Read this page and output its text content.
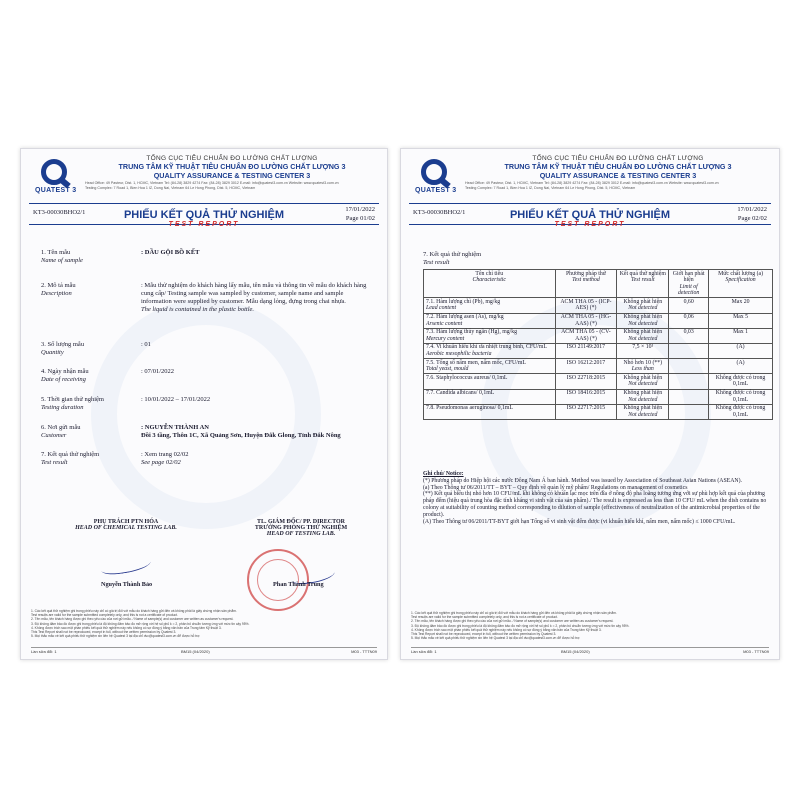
QUATEST 3
TỔNG CỤC TIÊU CHUẨN ĐO LƯỜNG CHẤT LƯỢNG
TRUNG TÂM KỸ THUẬT TIÊU CHUẨN ĐO LƯỜNG CHẤT LƯỢNG 3
QUALITY ASSURANCE & TESTING CENTER 3
Head Office: 49 Pasteur, Dist. 1, HCMC, Vietnam Tel: (84-28) 3829 4274 Fax: (84-28) 3829 3012 E-mail: info@quatest3.com.vn Website: www.quatest3.com.vn
Testing Complex: 7 Road 1, Bien Hoa 1 IZ, Dong Nai, Vietnam 64 Le Hong Phong, Dist. 5, HCMC, Vietnam
KT3-00030BHO2/1	PHIẾU KẾT QUẢ THỬ NGHIỆM
TEST REPORT
17/01/2022
Page 01/02
1. Tên mẫu
Name of sample
: DẦU GỘI BỒ KẾT
2. Mô tả mẫu
Description
: Mẫu thử nghiệm do khách hàng lấy mẫu, tên mẫu và thông tin về mẫu do khách hàng cung cấp/ Testing sample was sampled by customer, sample name and sample information were supplied by customer. Mẫu dạng lỏng, đựng trong chai nhựa.
The liquid is contained in the plastic bottle.
3. Số lượng mẫu
Quantity
: 01
4. Ngày nhận mẫu
Date of receiving
: 07/01/2022
5. Thời gian thử nghiệm
Testing duration
: 10/01/2022 – 17/01/2022
6. Nơi gửi mẫu
Customer
: NGUYỄN THÀNH AN
Đồi 3 tầng, Thôn 1C, Xã Quảng Sơn, Huyện Đắk Glong, Tỉnh Đắk Nông
7. Kết quả thử nghiệm
Test result
: Xem trang 02/02
See page 02/02
PHỤ TRÁCH PTN HÓA
HEAD OF CHEMICAL TESTING LAB.
TL. GIÁM ĐỐC/ PP. DIRECTOR
TRƯỞNG PHÒNG THỬ NGHIỆM
HEAD OF TESTING LAB.
Nguyễn Thành Bảo	Phan Thành Trung
1. Các kết quả thử nghiệm ghi trong phiếu này chỉ có giá trị đối với mẫu do khách hàng gửi đến và không phải là giấy chứng nhận sản phẩm.
Test results are valid for the sample submitted completely only, and this is not a certificate of product.
2. Tên mẫu, tên khách hàng được ghi theo yêu cầu của nơi gửi mẫu. / Name of sample(s) and customer are written as customer's request.
3. Độ không đảm bảo đo được ghi trong phiếu là độ không đảm bảo đo mở rộng với hệ số phủ k = 2, phân bố chuẩn tương ứng với mức tin cậy 95%.
4. Không được trích sao một phần phiếu kết quả thử nghiệm này nếu không có sự đồng ý bằng văn bản của Trung tâm Kỹ thuật 3.
This Test Report shall not be reproduced, except in full, without the written permission by Quatest 3.
5. Mọi thắc mắc về kết quả phiếu thử nghiệm xin liên hệ Quatest 3 tại địa chỉ dvc@quatest3.com.vn để được hỗ trợ.
Lần sửa đổi: 1	BM15 (04/2020)	M03 - TTTN09
QUATEST 3
TỔNG CỤC TIÊU CHUẨN ĐO LƯỜNG CHẤT LƯỢNG
TRUNG TÂM KỸ THUẬT TIÊU CHUẨN ĐO LƯỜNG CHẤT LƯỢNG 3
QUALITY ASSURANCE & TESTING CENTER 3
Head Office: 49 Pasteur, Dist. 1, HCMC, Vietnam Tel: (84-28) 3829 4274 Fax: (84-28) 3829 3012 E-mail: info@quatest3.com.vn Website: www.quatest3.com.vn
Testing Complex: 7 Road 1, Bien Hoa 1 IZ, Dong Nai, Vietnam 64 Le Hong Phong, Dist. 5, HCMC, Vietnam
KT3-00030BHO2/1	PHIẾU KẾT QUẢ THỬ NGHIỆM
TEST REPORT
17/01/2022
Page 02/02
7. Kết quả thử nghiệm
Test result
Tên chỉ tiêu
Characteristic	Phương pháp thử
Test method	Kết quả thử nghiệm
Test result	Giới hạn phát hiện
Limit of detection	Mức chất lượng (a)
Specification

7.1. Hàm lượng chì (Pb), mg/kg
Lead content	ACM THA 05 - (ICP-AES) (*)	Không phát hiện
Not detected	0,60	Max 20
7.2. Hàm lượng asen (As), mg/kg
Arsenic content	ACM THA 05 - (HG-AAS) (*)	Không phát hiện
Not detected	0,06	Max 5
7.3. Hàm lượng thủy ngân (Hg), mg/kg
Mercury content	ACM THA 05 - (CV-AAS) (*)	Không phát hiện
Not detected	0,03	Max 1
7.4. Vi khuẩn hiếu khí ưa nhiệt trung bình, CFU/mL
Aerobic mesophilic bacteria	ISO 21149:2017	7,5 × 10¹		(A)
7.5. Tổng số nấm men, nấm mốc, CFU/mL
Total yeast, mould	ISO 16212:2017	Nhỏ hơn 10 (**)
Less than		(A)
7.6. Staphylococcus aureus/ 0,1mL	ISO 22718:2015	Không phát hiện
Not detected		Không được có trong 0,1mL
7.7. Candida albicans/ 0,1mL	ISO 18416:2015	Không phát hiện
Not detected		Không được có trong 0,1mL
7.8. Pseudomonas aeruginosa/ 0,1mL	ISO 22717:2015	Không phát hiện
Not detected		Không được có trong 0,1mL
Ghi chú/ Notice:
(*) Phương pháp do Hiệp hội các nước Đông Nam Á ban hành. Method was issued by Association of Southeast Asian Nations (ASEAN).
(a) Theo Thông tư 06/2011/TT – BYT – Quy định về quản lý mỹ phẩm/ Regulations on management of cosmetics
(**) Kết quả biểu thị nhỏ hơn 10 CFU/mL khi không có khuẩn lạc mọc trên đĩa ở nồng độ pha loãng tương ứng với sự phù hợp kết quả của phương pháp đếm (hiệu quả trung hòa đặc tính kháng vi sinh vật của sản phẩm)./ The result is expressed as less than 10 CFU/ mL when the dish contains no colony at suitability of counting method corresponding to dilution of sample (effectiveness of neutralization of the antimicrobial properties of the product).
(A) Theo Thông tư 06/2011/TT-BYT giới hạn Tổng số vi sinh vật đếm được (vi khuẩn hiếu khí, nấm men, nấm mốc) ≤ 1000 CFU/mL.
1. Các kết quả thử nghiệm ghi trong phiếu này chỉ có giá trị đối với mẫu do khách hàng gửi đến và không phải là giấy chứng nhận sản phẩm.
Test results are valid for the sample submitted completely only, and this is not a certificate of product.
2. Tên mẫu, tên khách hàng được ghi theo yêu cầu của nơi gửi mẫu. / Name of sample(s) and customer are written as customer's request.
3. Độ không đảm bảo đo được ghi trong phiếu là độ không đảm bảo đo mở rộng với hệ số phủ k = 2, phân bố chuẩn tương ứng với mức tin cậy 95%.
4. Không được trích sao một phần phiếu kết quả thử nghiệm này nếu không có sự đồng ý bằng văn bản của Trung tâm Kỹ thuật 3.
This Test Report shall not be reproduced, except in full, without the written permission by Quatest 3.
5. Mọi thắc mắc về kết quả phiếu thử nghiệm xin liên hệ Quatest 3 tại địa chỉ dvc@quatest3.com.vn để được hỗ trợ.
Lần sửa đổi: 1	BM15 (04/2020)	M03 - TTTN09
